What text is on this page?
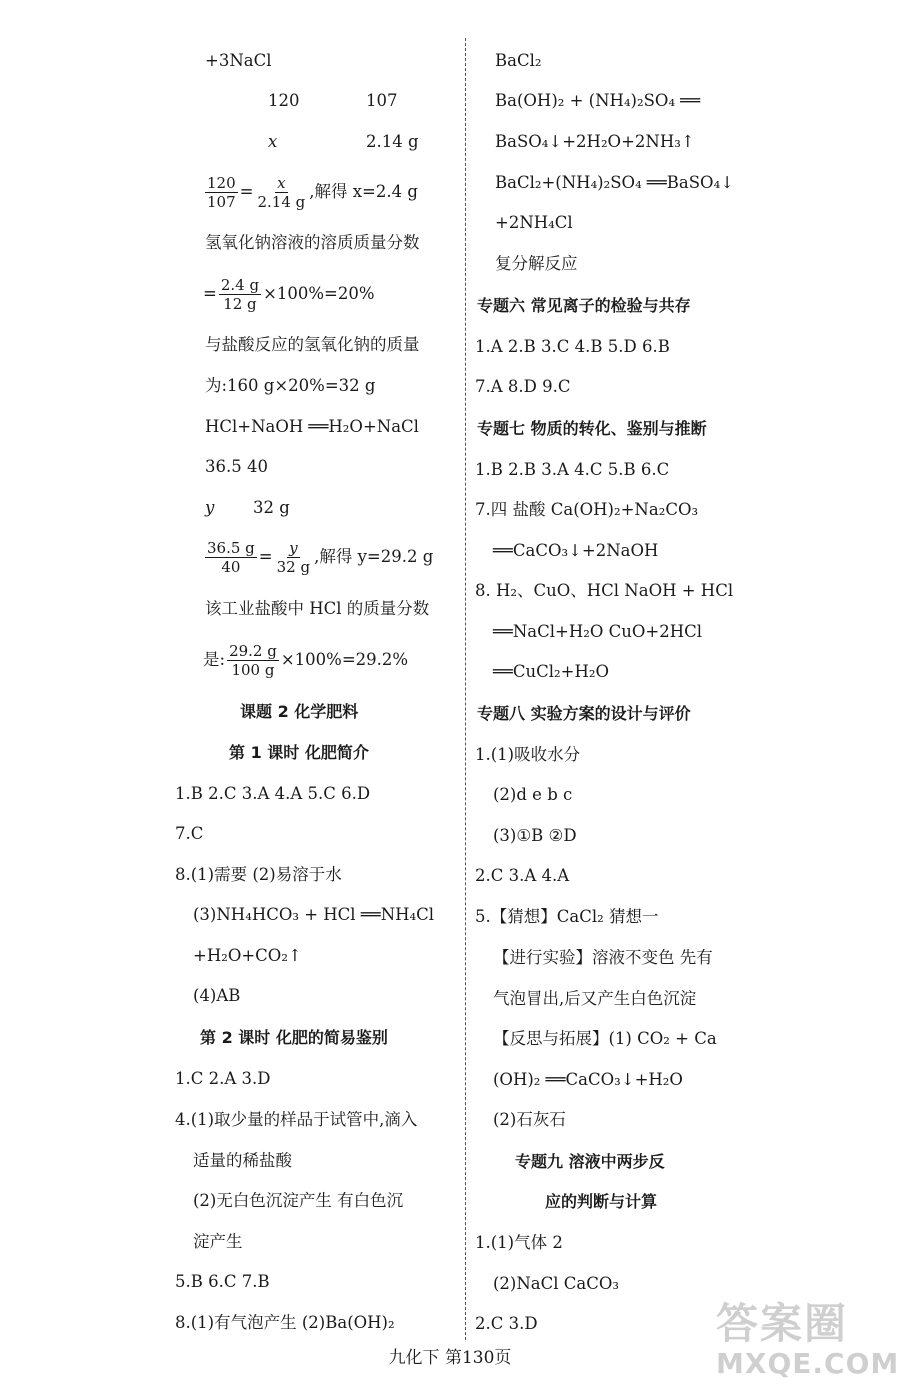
+3NaCl
120	107
x	2.14 g
$\frac{120}{107} = \frac{x}{2.14 g}$ ,解得 x=2.4 g
氢氧化钠溶液的溶质质量分数
= $\frac{2.4 g}{12 g} \times 100\%=20\%$
与盐酸反应的氢氧化钠的质量
为:160 g×20%=32 g
HCl+NaOH ══H₂O+NaCl
36.5 40
y 32 g
$\frac{36.5 g}{40} = \frac{y}{32 g}$ ,解得 y=29.2 g
该工业盐酸中 HCl 的质量分数
是: $\frac{29.2 g}{100 g} \times 100\%=29.2\%$
课题 2 化学肥料
第 1 课时 化肥简介
1.B 2.C 3.A 4.A 5.C 6.D
7.C
8.(1)需要 (2)易溶于水
(3)NH₄HCO₃ + HCl ══NH₄Cl
+H₂O+CO₂↑
(4)AB
第 2 课时 化肥的简易鉴别
1.C 2.A 3.D
4.(1)取少量的样品于试管中,滴入
适量的稀盐酸
(2)无白色沉淀产生 有白色沉
淀产生
5.B 6.C 7.B
8.(1)有气泡产生 (2)Ba(OH)₂
BaCl₂
Ba(OH)₂ + (NH₄)₂SO₄ ══
BaSO₄↓+2H₂O+2NH₃↑
BaCl₂+(NH₄)₂SO₄ ══BaSO₄↓
+2NH₄Cl
复分解反应
专题六 常见离子的检验与共存
1.A 2.B 3.C 4.B 5.D 6.B
7.A 8.D 9.C
专题七 物质的转化、鉴别与推断
1.B 2.B 3.A 4.C 5.B 6.C
7.四 盐酸 Ca(OH)₂+Na₂CO₃
══CaCO₃↓+2NaOH
8. H₂、CuO、HCl NaOH + HCl
══NaCl+H₂O CuO+2HCl
══CuCl₂+H₂O
专题八 实验方案的设计与评价
1.(1)吸收水分
(2)d e b c
(3)①B ②D
2.C 3.A 4.A
5.【猜想】CaCl₂ 猜想一
【进行实验】溶液不变色 先有
气泡冒出,后又产生白色沉淀
【反思与拓展】(1) CO₂ + Ca
(OH)₂ ══CaCO₃↓+H₂O
(2)石灰石
专题九 溶液中两步反
应的判断与计算
1.(1)气体 2
(2)NaCl CaCO₃
2.C 3.D
九化下 第130页
答案圈
MXQE.COM
